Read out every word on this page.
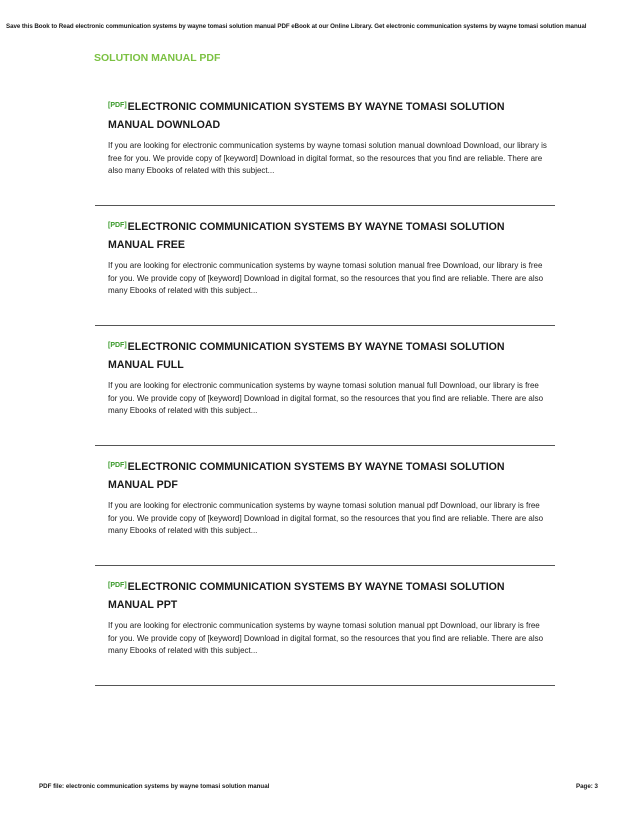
Save this Book to Read electronic communication systems by wayne tomasi solution manual PDF eBook at our Online Library. Get electronic communication systems by wayne tomasi solution manual
SOLUTION MANUAL PDF
[PDF]ELECTRONIC COMMUNICATION SYSTEMS BY WAYNE TOMASI SOLUTION MANUAL DOWNLOAD
If you are looking for electronic communication systems by wayne tomasi solution manual download Download, our library is free for you. We provide copy of [keyword] Download in digital format, so the resources that you find are reliable. There are also many Ebooks of related with this subject...
[PDF]ELECTRONIC COMMUNICATION SYSTEMS BY WAYNE TOMASI SOLUTION MANUAL FREE
If you are looking for electronic communication systems by wayne tomasi solution manual free Download, our library is free for you. We provide copy of [keyword] Download in digital format, so the resources that you find are reliable. There are also many Ebooks of related with this subject...
[PDF]ELECTRONIC COMMUNICATION SYSTEMS BY WAYNE TOMASI SOLUTION MANUAL FULL
If you are looking for electronic communication systems by wayne tomasi solution manual full Download, our library is free for you. We provide copy of [keyword] Download in digital format, so the resources that you find are reliable. There are also many Ebooks of related with this subject...
[PDF]ELECTRONIC COMMUNICATION SYSTEMS BY WAYNE TOMASI SOLUTION MANUAL PDF
If you are looking for electronic communication systems by wayne tomasi solution manual pdf Download, our library is free for you. We provide copy of [keyword] Download in digital format, so the resources that you find are reliable. There are also many Ebooks of related with this subject...
[PDF]ELECTRONIC COMMUNICATION SYSTEMS BY WAYNE TOMASI SOLUTION MANUAL PPT
If you are looking for electronic communication systems by wayne tomasi solution manual ppt Download, our library is free for you. We provide copy of [keyword] Download in digital format, so the resources that you find are reliable. There are also many Ebooks of related with this subject...
PDF file: electronic communication systems by wayne tomasi solution manual	Page: 3
